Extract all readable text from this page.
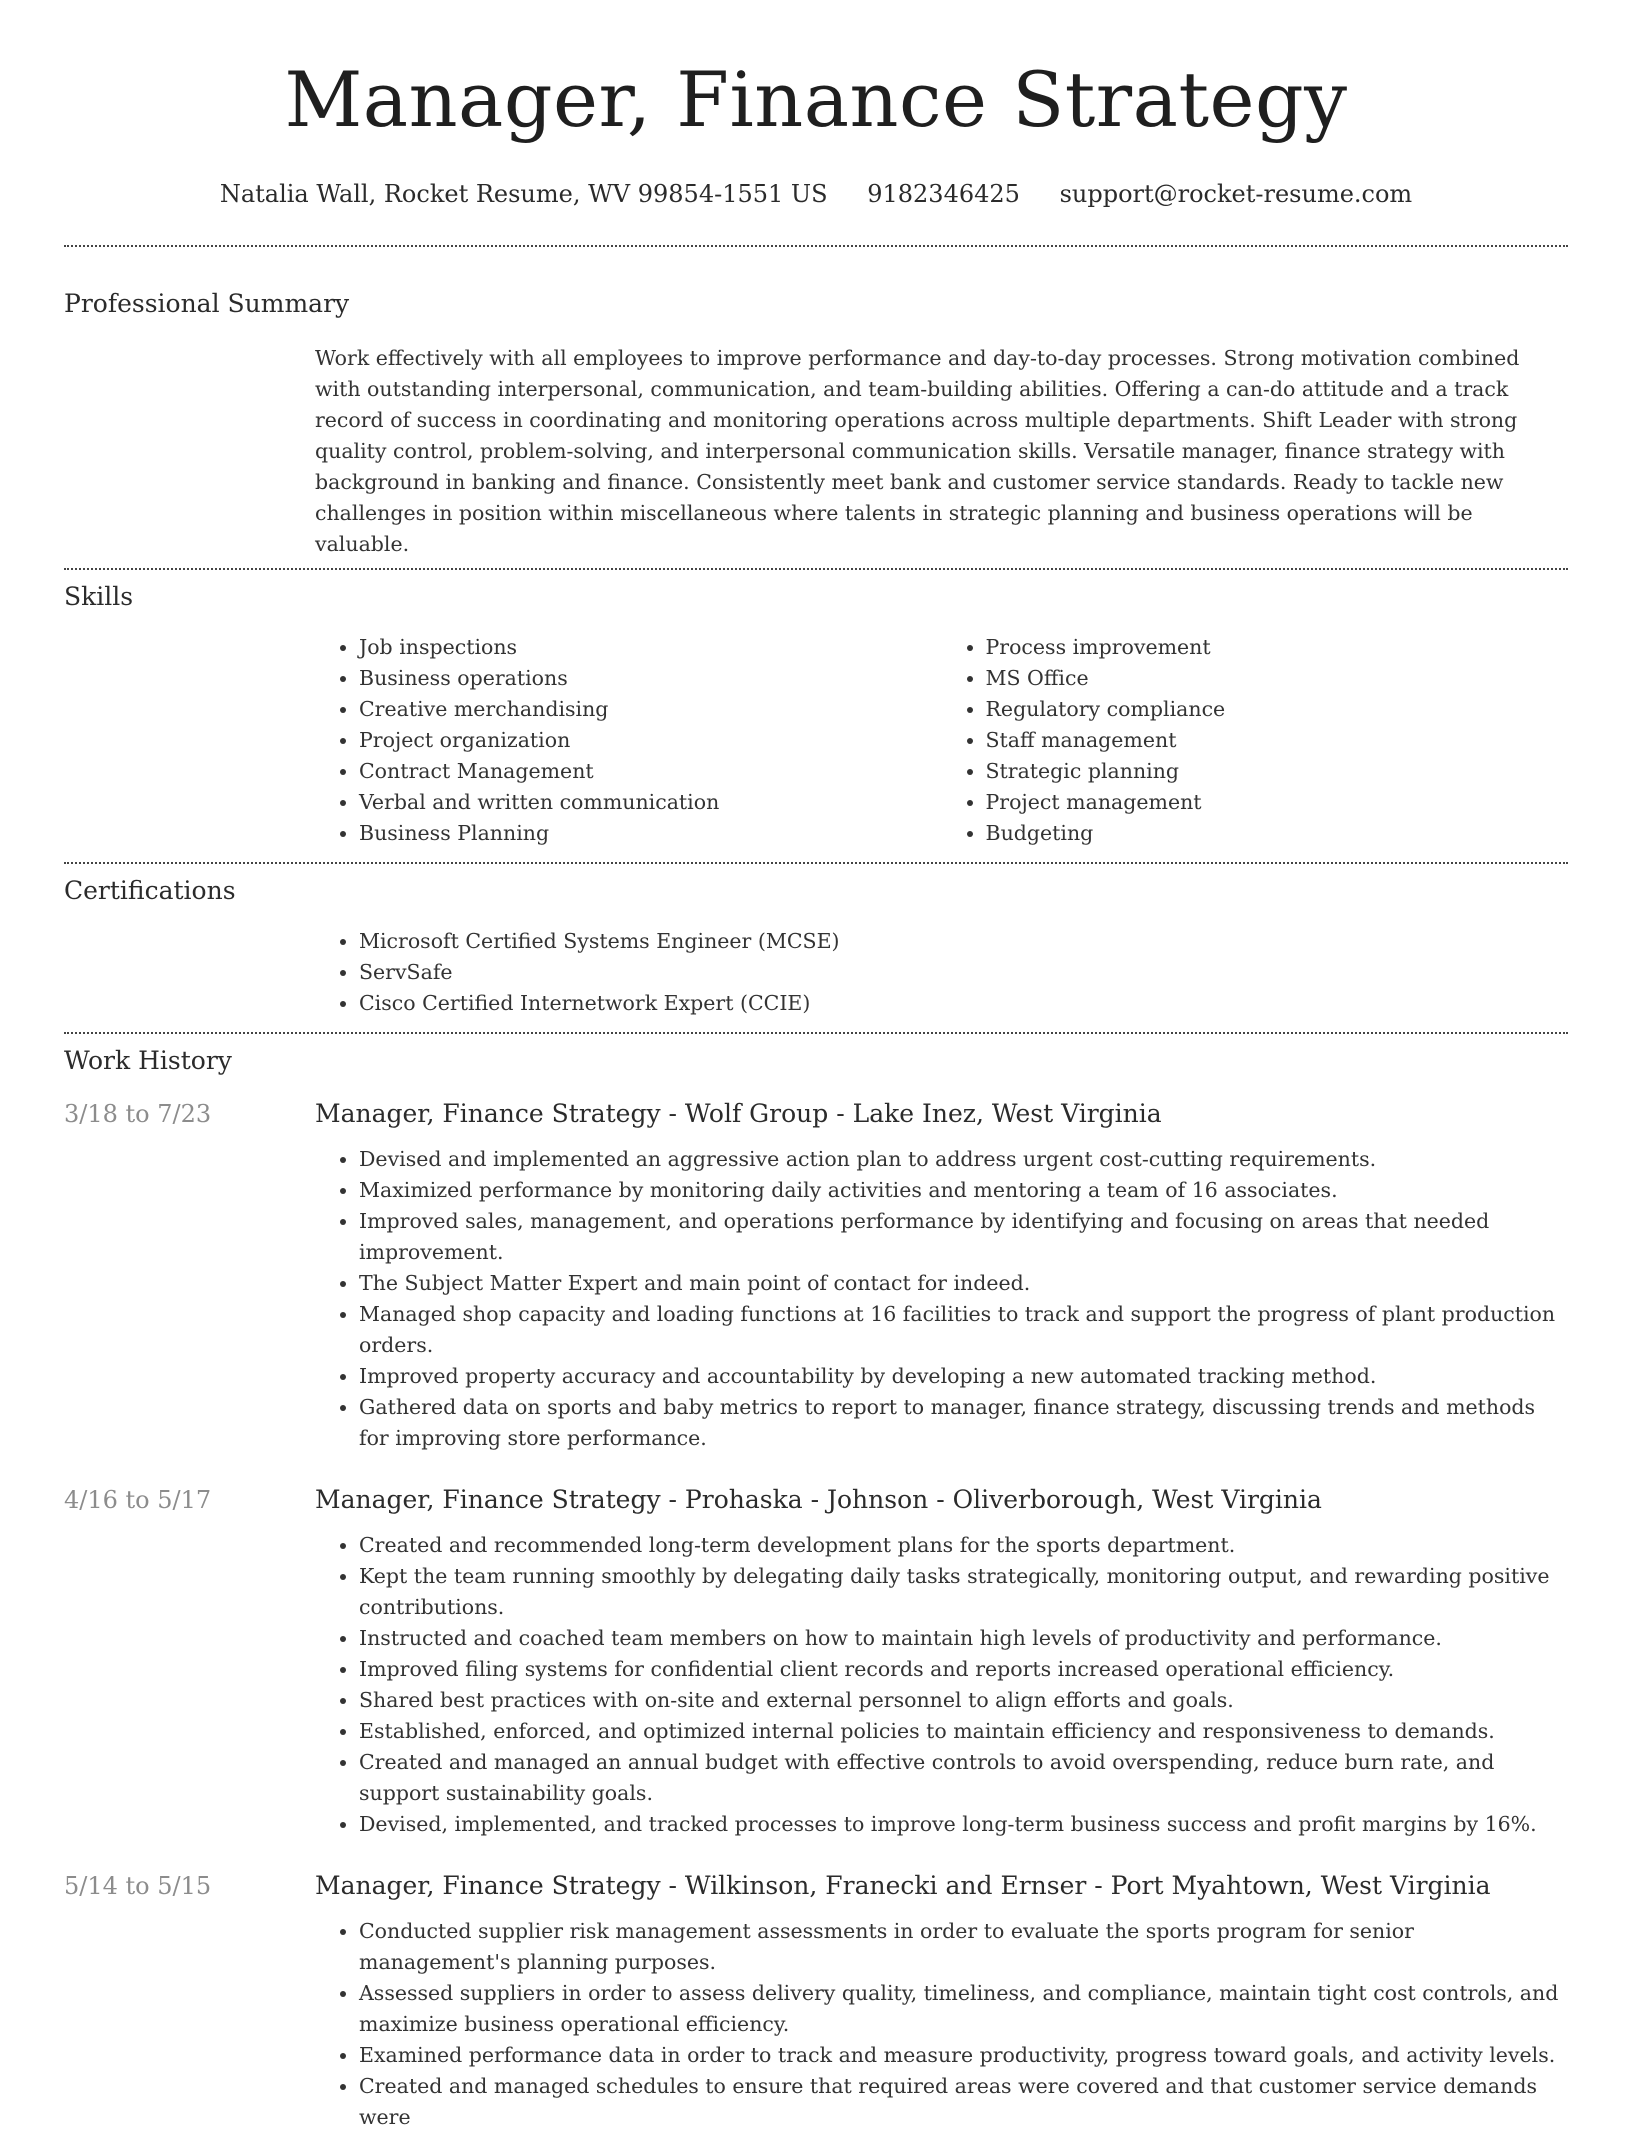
Manager, Finance Strategy
Natalia Wall, Rocket Resume, WV 99854-1551 US 9182346425 support@rocket-resume.com
Professional Summary

Work effectively with all employees to improve performance and day-to-day processes. Strong motivation combined with outstanding interpersonal, communication, and team-building abilities. Offering a can-do attitude and a track record of success in coordinating and monitoring operations across multiple departments. Shift Leader with strong quality control, problem-solving, and interpersonal communication skills. Versatile manager, finance strategy with background in banking and finance. Consistently meet bank and customer service standards. Ready to tackle new challenges in position within miscellaneous where talents in strategic planning and business operations will be valuable.

Skills
• Job inspections
• Business operations
• Creative merchandising
• Project organization
• Contract Management
• Verbal and written communication
• Business Planning
• Process improvement
• MS Office
• Regulatory compliance
• Staff management
• Strategic planning
• Project management
• Budgeting
Certifications
• Microsoft Certified Systems Engineer (MCSE)
• ServSafe
• Cisco Certified Internetwork Expert (CCIE)
Work History
3/18 to 7/23	Manager, Finance Strategy - Wolf Group - Lake Inez, West Virginia
• Devised and implemented an aggressive action plan to address urgent cost-cutting requirements.
• Maximized performance by monitoring daily activities and mentoring a team of 16 associates.
• Improved sales, management, and operations performance by identifying and focusing on areas that needed improvement.
• The Subject Matter Expert and main point of contact for indeed.
• Managed shop capacity and loading functions at 16 facilities to track and support the progress of plant production orders.
• Improved property accuracy and accountability by developing a new automated tracking method.
• Gathered data on sports and baby metrics to report to manager, finance strategy, discussing trends and methods for improving store performance.
4/16 to 5/17	Manager, Finance Strategy - Prohaska - Johnson - Oliverborough, West Virginia
• Created and recommended long-term development plans for the sports department.
• Kept the team running smoothly by delegating daily tasks strategically, monitoring output, and rewarding positive contributions.
• Instructed and coached team members on how to maintain high levels of productivity and performance.
• Improved filing systems for confidential client records and reports increased operational efficiency.
• Shared best practices with on-site and external personnel to align efforts and goals.
• Established, enforced, and optimized internal policies to maintain efficiency and responsiveness to demands.
• Created and managed an annual budget with effective controls to avoid overspending, reduce burn rate, and support sustainability goals.
• Devised, implemented, and tracked processes to improve long-term business success and profit margins by 16%.
5/14 to 5/15	Manager, Finance Strategy - Wilkinson, Franecki and Ernser - Port Myahtown, West Virginia
• Conducted supplier risk management assessments in order to evaluate the sports program for senior management's planning purposes.
• Assessed suppliers in order to assess delivery quality, timeliness, and compliance, maintain tight cost controls, and maximize business operational efficiency.
• Examined performance data in order to track and measure productivity, progress toward goals, and activity levels.
• Created and managed schedules to ensure that required areas were covered and that customer service demands were
